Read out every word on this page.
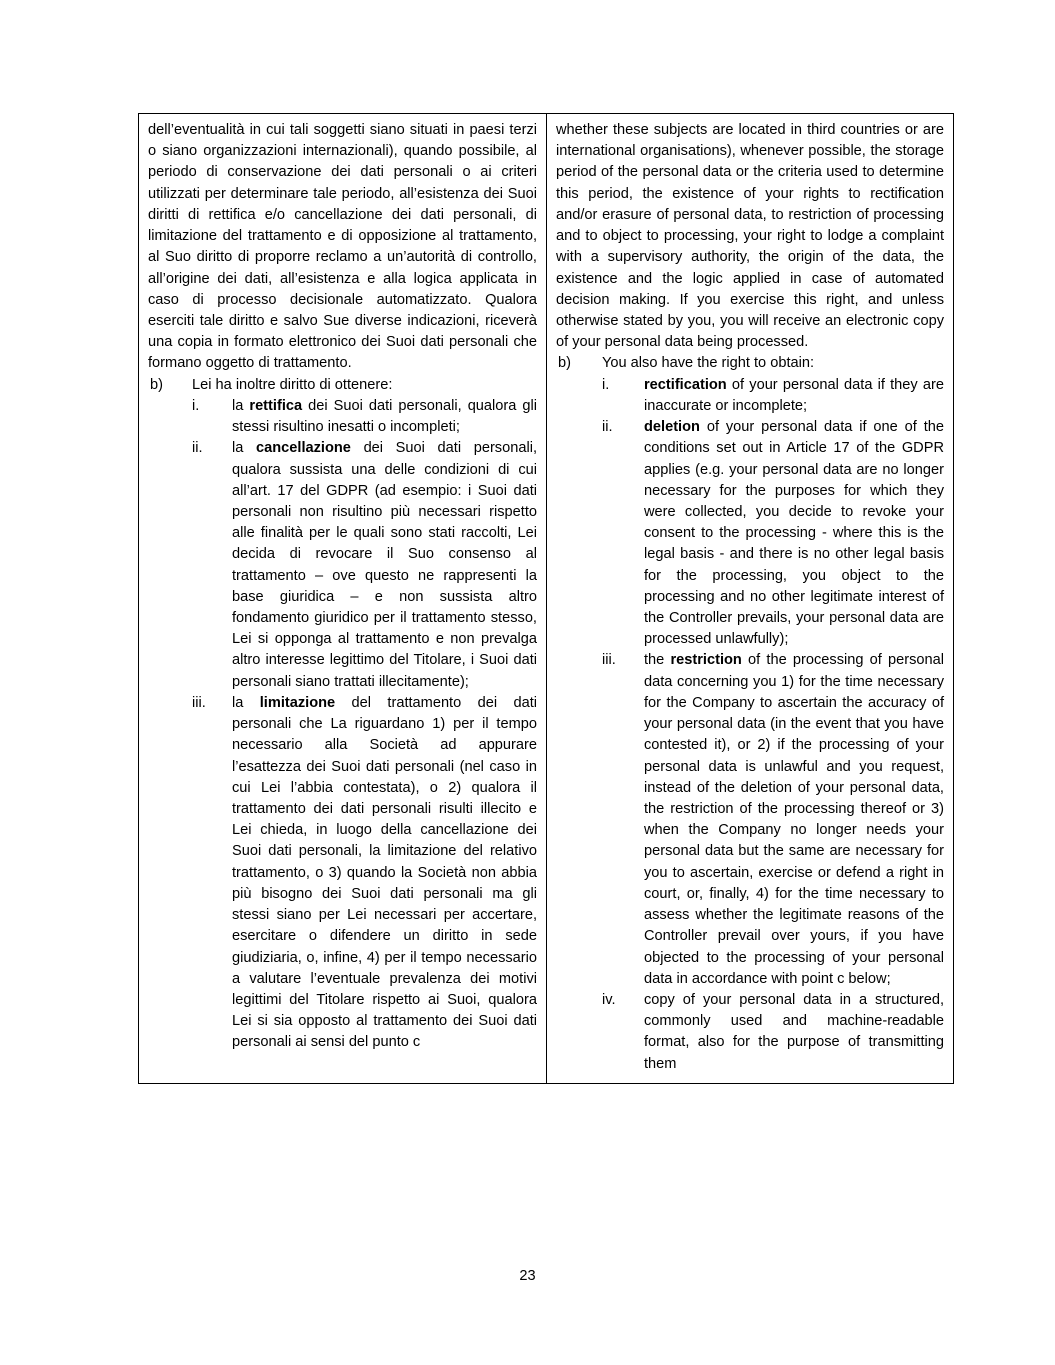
dell’eventualità in cui tali soggetti siano situati in paesi terzi o siano organizzazioni internazionali), quando possibile, al periodo di conservazione dei dati personali o ai criteri utilizzati per determinare tale periodo, all’esistenza dei Suoi diritti di rettifica e/o cancellazione dei dati personali, di limitazione del trattamento e di opposizione al trattamento, al Suo diritto di proporre reclamo a un’autorità di controllo, all’origine dei dati, all’esistenza e alla logica applicata in caso di processo decisionale automatizzato. Qualora eserciti tale diritto e salvo Sue diverse indicazioni, riceverà una copia in formato elettronico dei Suoi dati personali che formano oggetto di trattamento.

b)	Lei ha inoltre diritto di ottenere:
i.	la rettifica dei Suoi dati personali, qualora gli stessi risultino inesatti o incompleti;
ii.	la cancellazione dei Suoi dati personali, qualora sussista una delle condizioni di cui all’art. 17 del GDPR (ad esempio: i Suoi dati personali non risultino più necessari rispetto alle finalità per le quali sono stati raccolti, Lei decida di revocare il Suo consenso al trattamento – ove questo ne rappresenti la base giuridica – e non sussista altro fondamento giuridico per il trattamento stesso, Lei si opponga al trattamento e non prevalga altro interesse legittimo del Titolare, i Suoi dati personali siano trattati illecitamente);
iii.	la limitazione del trattamento dei dati personali che La riguardano 1) per il tempo necessario alla Società ad appurare l’esattezza dei Suoi dati personali (nel caso in cui Lei l’abbia contestata), o 2) qualora il trattamento dei dati personali risulti illecito e Lei chieda, in luogo della cancellazione dei Suoi dati personali, la limitazione del relativo trattamento, o 3) quando la Società non abbia più bisogno dei Suoi dati personali ma gli stessi siano per Lei necessari per accertare, esercitare o difendere un diritto in sede giudiziaria, o, infine, 4) per il tempo necessario a valutare l’eventuale prevalenza dei motivi legittimi del Titolare rispetto ai Suoi, qualora Lei si sia opposto al trattamento dei Suoi dati personali ai sensi del punto c

whether these subjects are located in third countries or are international organisations), whenever possible, the storage period of the personal data or the criteria used to determine this period, the existence of your rights to rectification and/or erasure of personal data, to restriction of processing and to object to processing, your right to lodge a complaint with a supervisory authority, the origin of the data, the existence and the logic applied in case of automated decision making. If you exercise this right, and unless otherwise stated by you, you will receive an electronic copy of your personal data being processed.

b)	You also have the right to obtain:
i.	rectification of your personal data if they are inaccurate or incomplete;
ii.	deletion of your personal data if one of the conditions set out in Article 17 of the GDPR applies (e.g. your personal data are no longer necessary for the purposes for which they were collected, you decide to revoke your consent to the processing - where this is the legal basis - and there is no other legal basis for the processing, you object to the processing and no other legitimate interest of the Controller prevails, your personal data are processed unlawfully);
iii.	the restriction of the processing of personal data concerning you 1) for the time necessary for the Company to ascertain the accuracy of your personal data (in the event that you have contested it), or 2) if the processing of your personal data is unlawful and you request, instead of the deletion of your personal data, the restriction of the processing thereof or 3) when the Company no longer needs your personal data but the same are necessary for you to ascertain, exercise or defend a right in court, or, finally, 4) for the time necessary to assess whether the legitimate reasons of the Controller prevail over yours, if you have objected to the processing of your personal data in accordance with point c below;
iv.	copy of your personal data in a structured, commonly used and machine-readable format, also for the purpose of transmitting them
23
